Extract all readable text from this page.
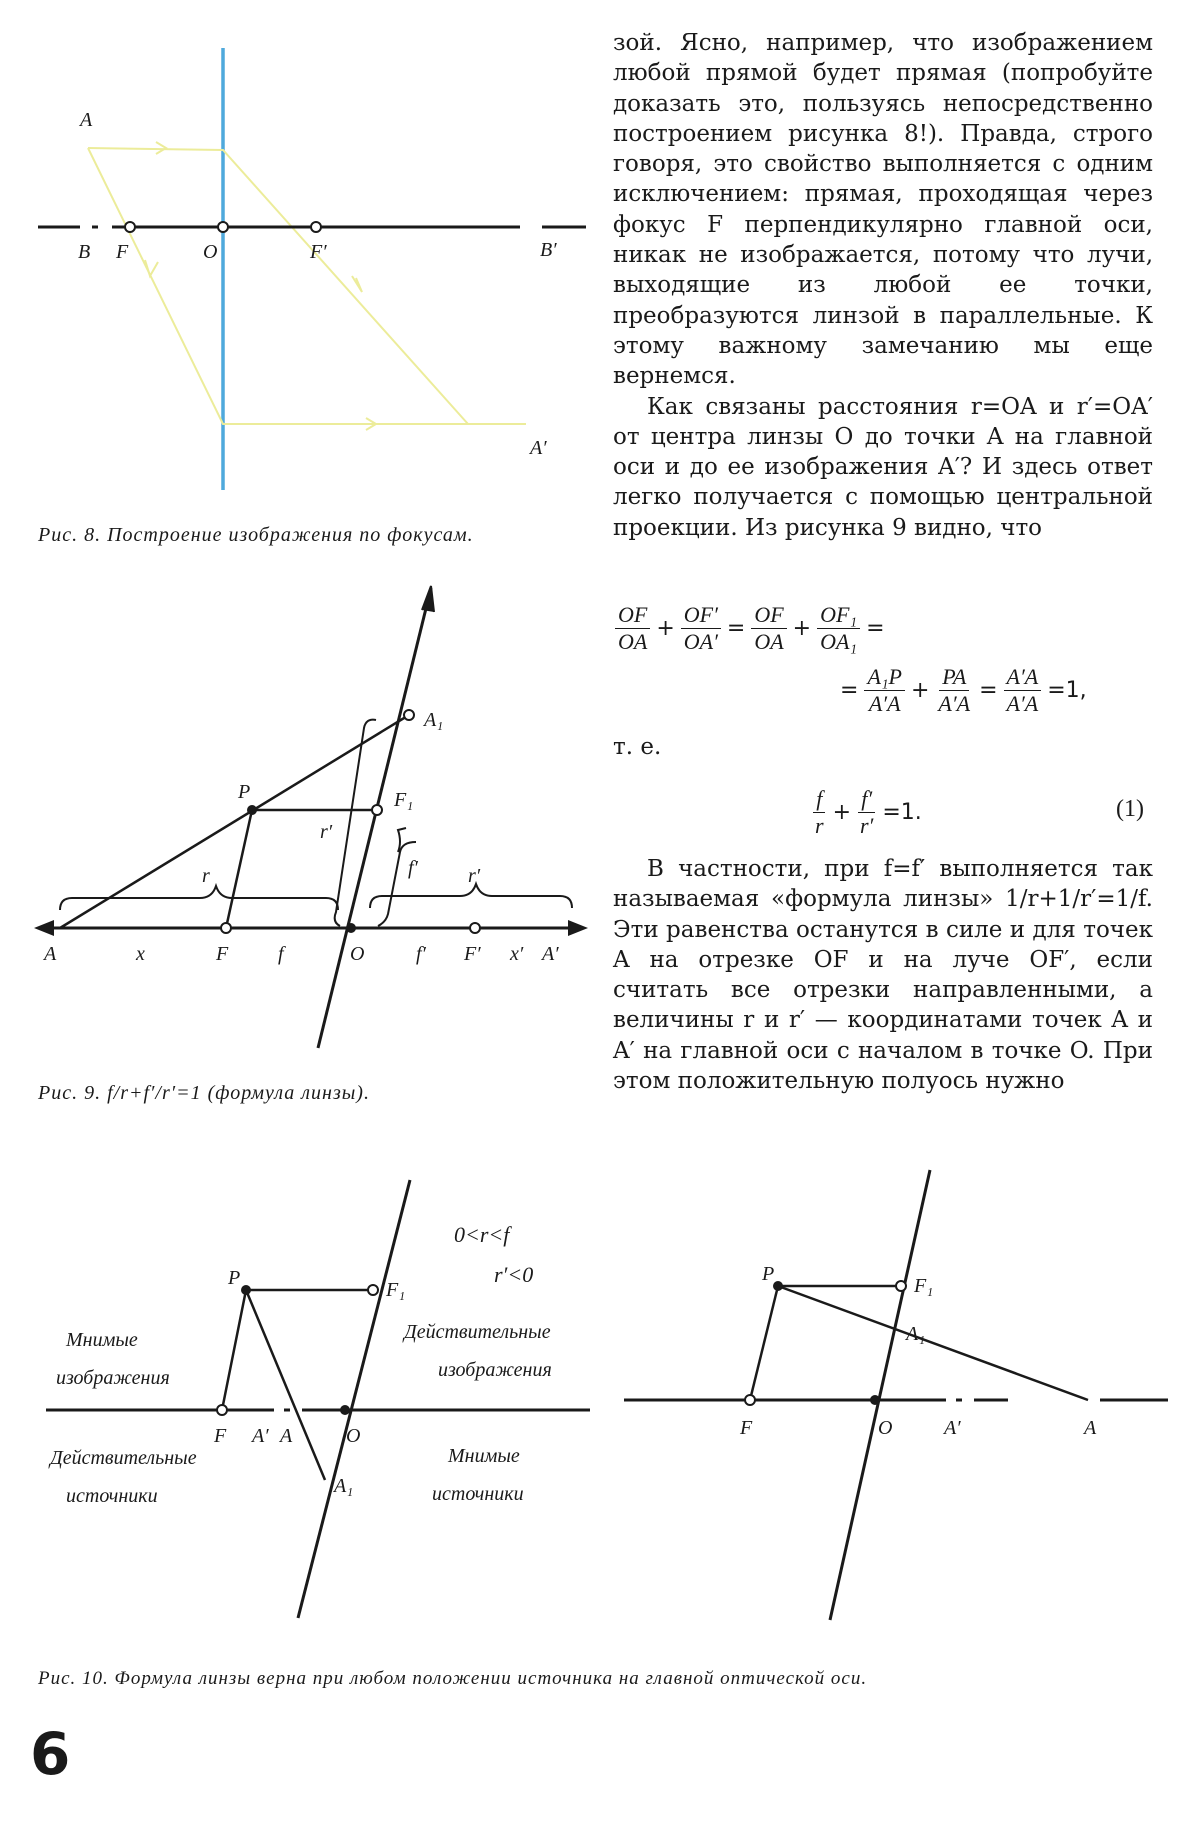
A
B F	O	F′	B′
A′
Рис. 8. Построение изображения по фокусам.
A	x	F f	O	f′ F′ x′ A′
P	F₁
A₁
r
r′
f′	r′
Рис. 9. f/r+f′/r′=1 (формула линзы).

зой. Ясно, например, что изображением любой прямой будет прямая (попробуйте доказать это, пользуясь непосредственно построением рисунка 8!). Правда, строго говоря, это свойство выполняется с одним исключением: прямая, проходящая через фокус F перпендикулярно главной оси, никак не изображается, потому что лучи, выходящие из любой ее точки, преобразуются линзой в параллельные. К этому важному замечанию мы еще вернемся.

Как связаны расстояния r=OA и r′=OA′ от центра линзы O до точки A на главной оси и до ее изображения A′? И здесь ответ легко получается с помощью центральной проекции. Из рисунка 9 видно, что

$\frac{OF}{OA} + \frac{OF'}{OA'} = \frac{OF}{OA} + \frac{\text{OF₁}}{\text{OA₁}}$ =
= $\frac{\text{A₁P}}{A'A} + \frac{PA}{A'A} = \frac{A'A}{A'A} =1$,
т. е.
$\frac{f}{r} + \frac{f'}{r'} =1$.	(1)
В частности, при f=f′ выполняется так называемая «формула линзы» 1/r+1/r′=1/f. Эти равенства останутся в силе и для точек A на отрезке OF и на луче OF′, если считать все отрезки направленными, а величины r и r′ — координатами точек A и A′ на главной оси с началом в точке O. При этом положительную полуось нужно
0<r<f
r′<0
P
F₁
F A′ A	O
A₁
Мнимые
изображения
Действительные
изображения
Действительные
источники
Мнимые
источники
P
F₁
A₁
F	O	A′	A
Рис. 10. Формула линзы верна при любом положении источника на главной оптической оси.
6
